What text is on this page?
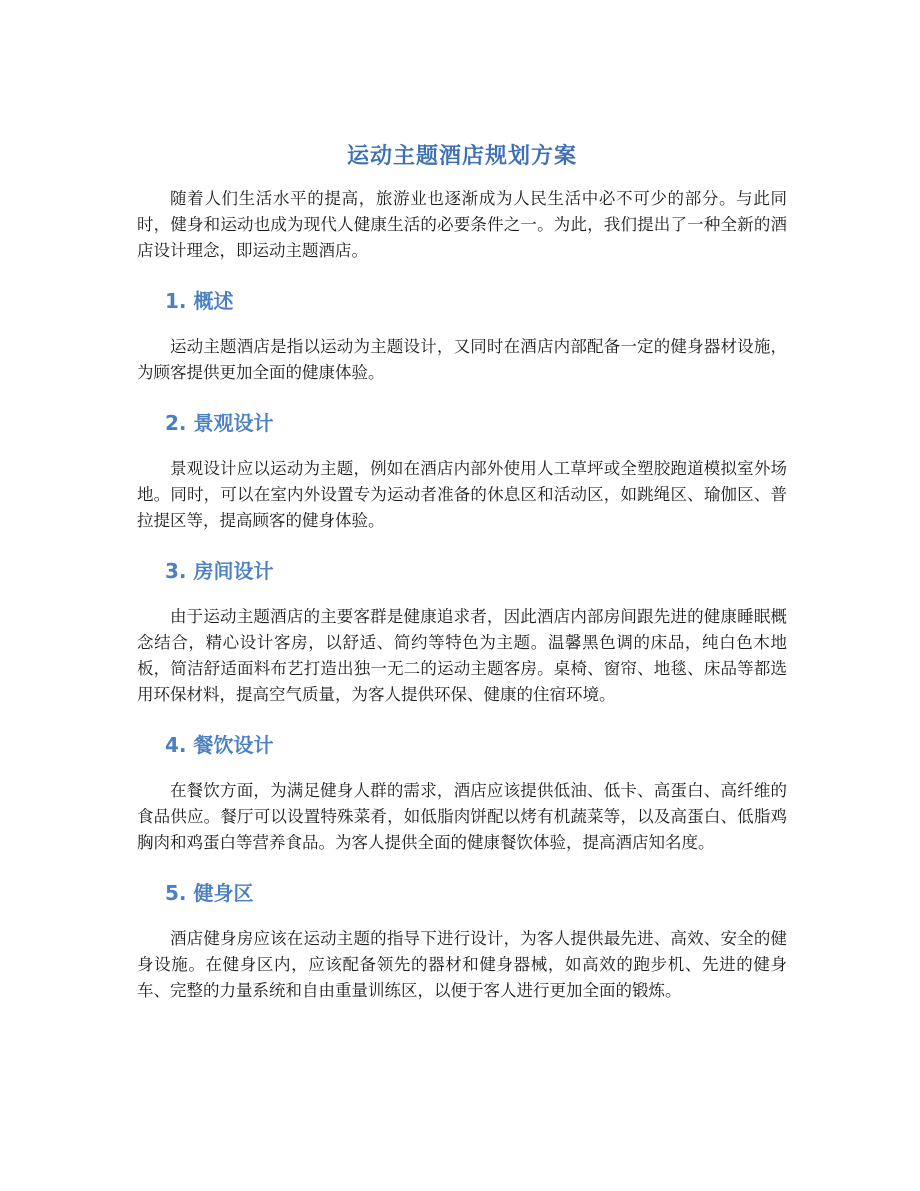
运动主题酒店规划方案

随着人们生活水平的提高，旅游业也逐渐成为人民生活中必不可少的部分。与此同时，健身和运动也成为现代人健康生活的必要条件之一。为此，我们提出了一种全新的酒店设计理念，即运动主题酒店。

1. 概述

运动主题酒店是指以运动为主题设计，又同时在酒店内部配备一定的健身器材设施，为顾客提供更加全面的健康体验。

2. 景观设计

景观设计应以运动为主题，例如在酒店内部外使用人工草坪或全塑胶跑道模拟室外场地。同时，可以在室内外设置专为运动者准备的休息区和活动区，如跳绳区、瑜伽区、普拉提区等，提高顾客的健身体验。

3. 房间设计

由于运动主题酒店的主要客群是健康追求者，因此酒店内部房间跟先进的健康睡眠概念结合，精心设计客房，以舒适、简约等特色为主题。温馨黑色调的床品，纯白色木地板，简洁舒适面料布艺打造出独一无二的运动主题客房。桌椅、窗帘、地毯、床品等都选用环保材料，提高空气质量，为客人提供环保、健康的住宿环境。

4. 餐饮设计

在餐饮方面，为满足健身人群的需求，酒店应该提供低油、低卡、高蛋白、高纤维的食品供应。餐厅可以设置特殊菜肴，如低脂肉饼配以烤有机蔬菜等，以及高蛋白、低脂鸡胸肉和鸡蛋白等营养食品。为客人提供全面的健康餐饮体验，提高酒店知名度。

5. 健身区

酒店健身房应该在运动主题的指导下进行设计，为客人提供最先进、高效、安全的健身设施。在健身区内，应该配备领先的器材和健身器械，如高效的跑步机、先进的健身车、完整的力量系统和自由重量训练区，以便于客人进行更加全面的锻炼。
